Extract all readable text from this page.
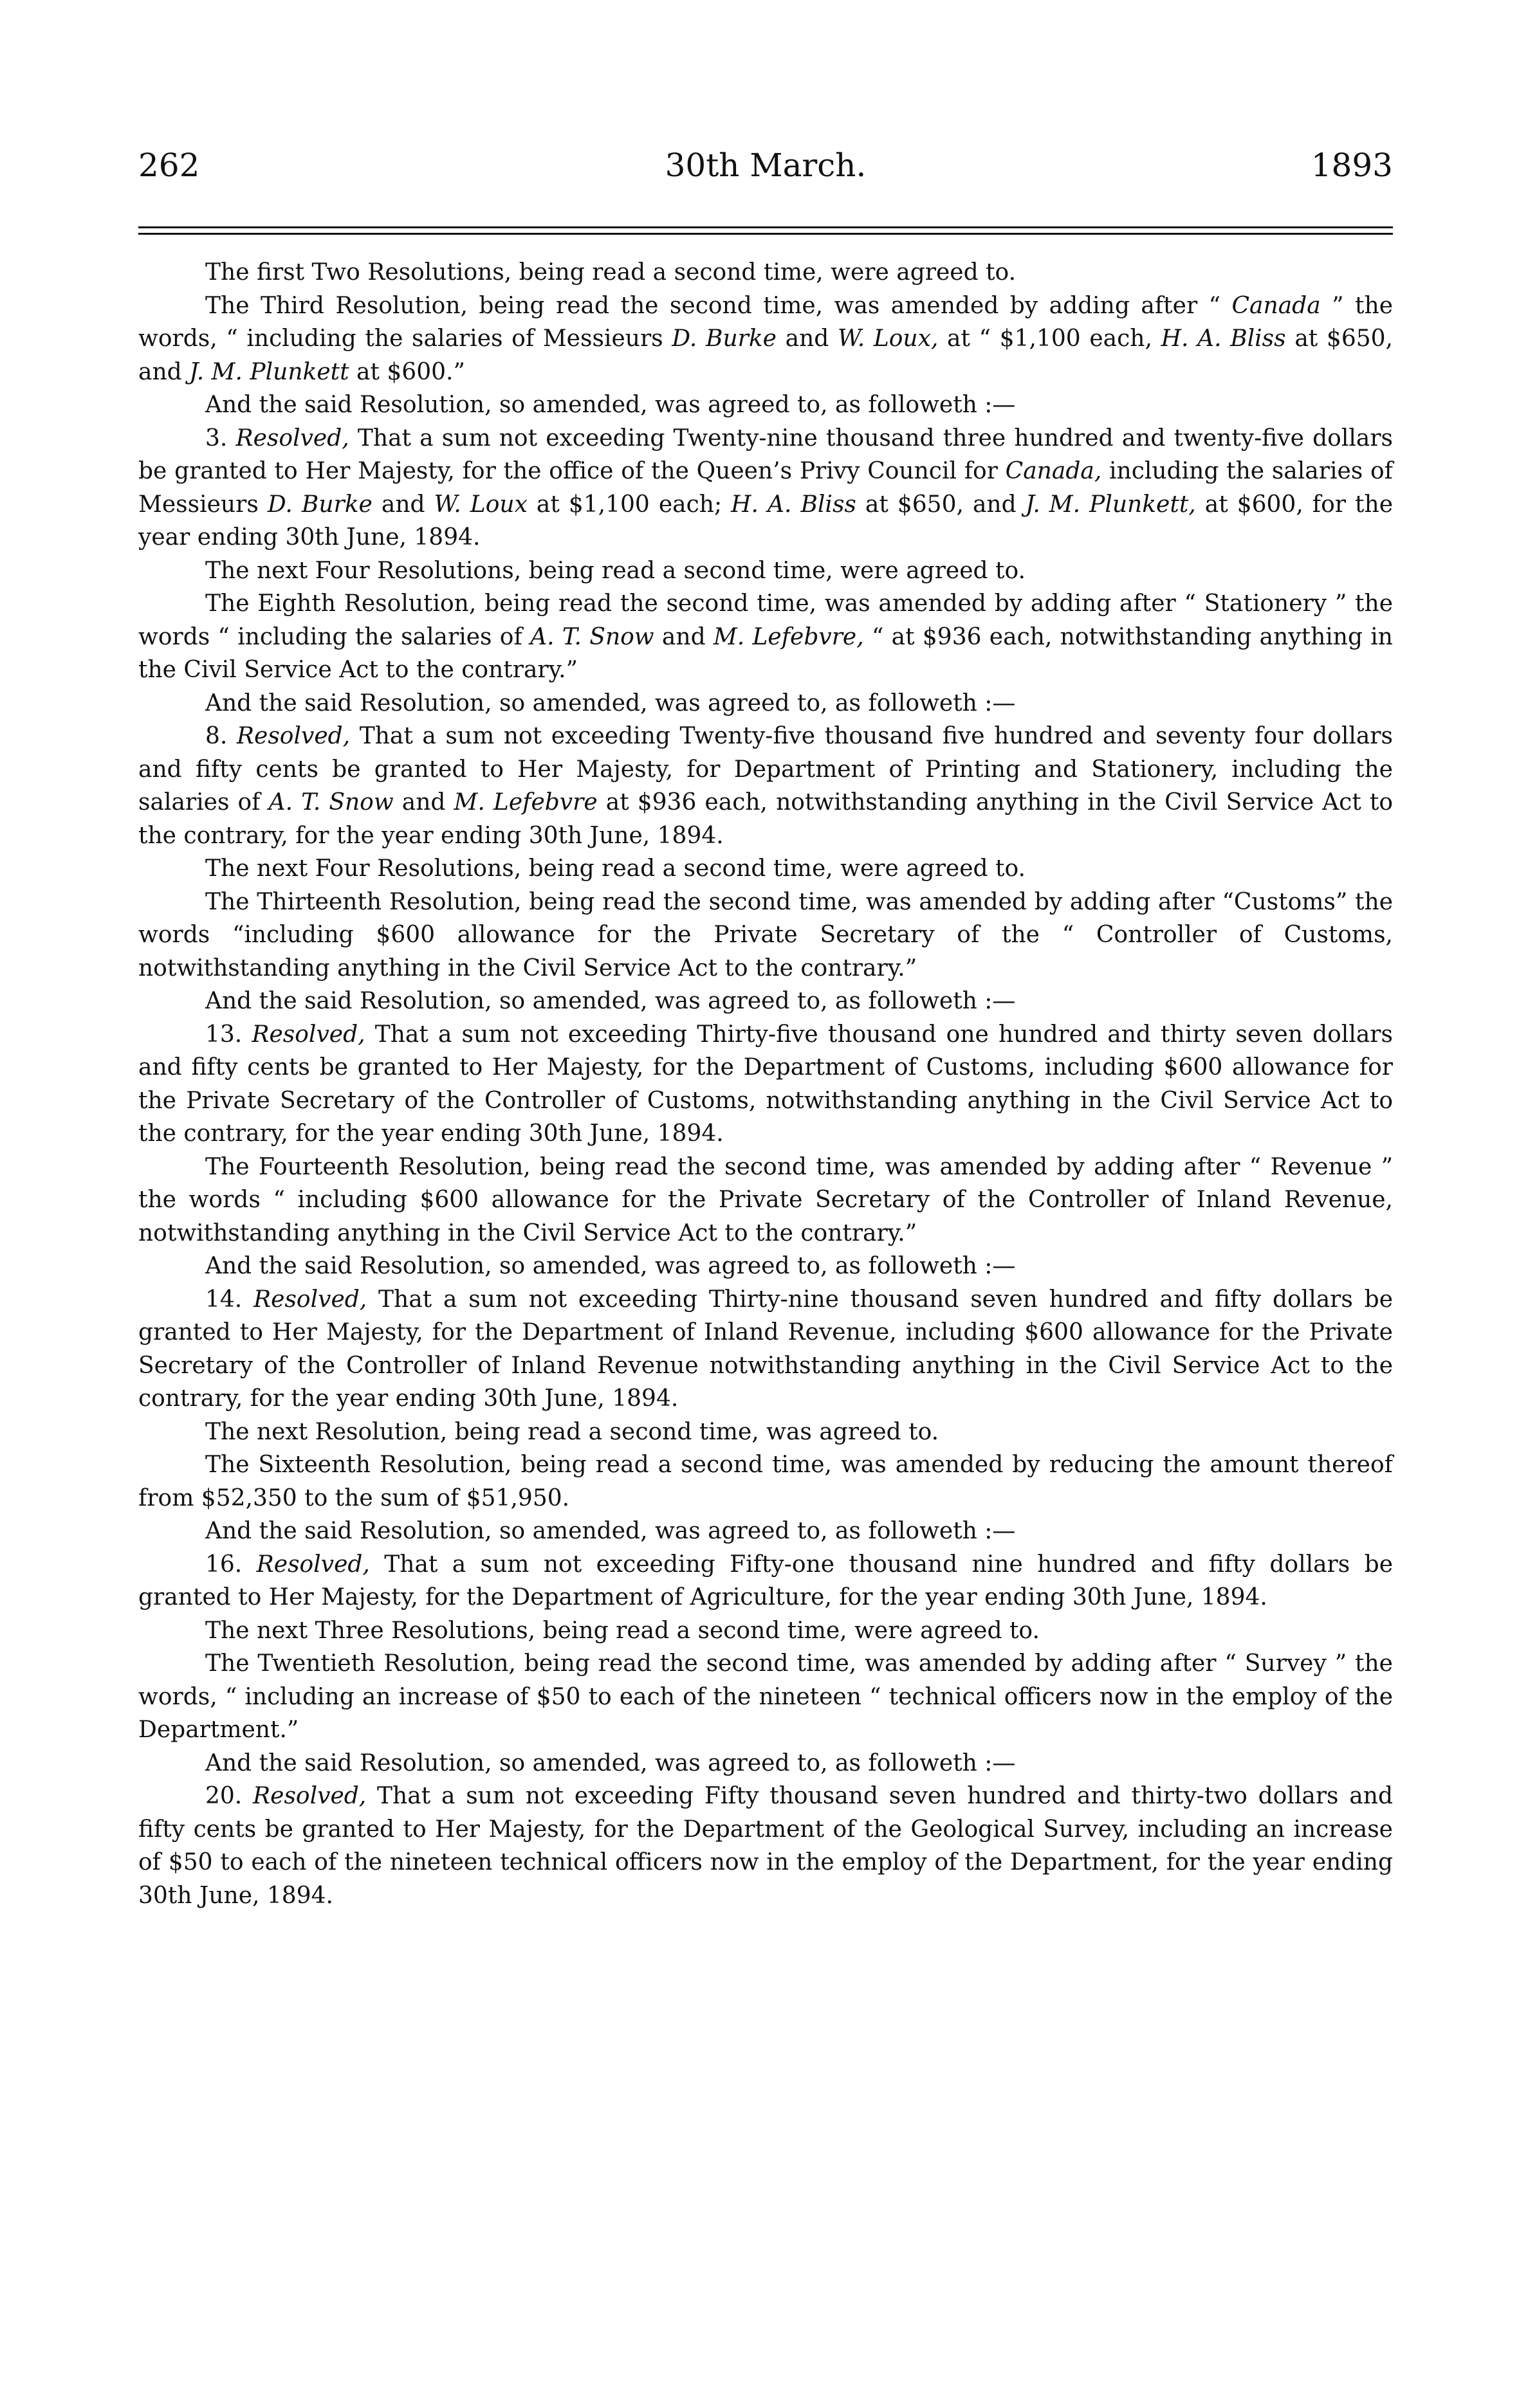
30th March.
262	1893

The first Two Resolutions, being read a second time, were agreed to.

The Third Resolution, being read the second time, was amended by adding after “ Canada ” the words, “ including the salaries of Messieurs D. Burke and W. Loux, at “ $1,100 each, H. A. Bliss at $650, and J. M. Plunkett at $600.”

And the said Resolution, so amended, was agreed to, as followeth :—

3. Resolved, That a sum not exceeding Twenty-nine thousand three hundred and twenty-five dollars be granted to Her Majesty, for the office of the Queen’s Privy Council for Canada, including the salaries of Messieurs D. Burke and W. Loux at $1,100 each; H. A. Bliss at $650, and J. M. Plunkett, at $600, for the year ending 30th June, 1894.

The next Four Resolutions, being read a second time, were agreed to.

The Eighth Resolution, being read the second time, was amended by adding after “ Stationery ” the words “ including the salaries of A. T. Snow and M. Lefebvre, “ at $936 each, notwithstanding anything in the Civil Service Act to the contrary.”

And the said Resolution, so amended, was agreed to, as followeth :—

8. Resolved, That a sum not exceeding Twenty-five thousand five hundred and seventy four dollars and fifty cents be granted to Her Majesty, for Department of Printing and Stationery, including the salaries of A. T. Snow and M. Lefebvre at $936 each, notwithstanding anything in the Civil Service Act to the contrary, for the year ending 30th June, 1894.

The next Four Resolutions, being read a second time, were agreed to.

The Thirteenth Resolution, being read the second time, was amended by adding after “Customs” the words “including $600 allowance for the Private Secretary of the “ Controller of Customs, notwithstanding anything in the Civil Service Act to the contrary.”

And the said Resolution, so amended, was agreed to, as followeth :—

13. Resolved, That a sum not exceeding Thirty-five thousand one hundred and thirty seven dollars and fifty cents be granted to Her Majesty, for the Department of Customs, including $600 allowance for the Private Secretary of the Controller of Customs, notwithstanding anything in the Civil Service Act to the contrary, for the year ending 30th June, 1894.

The Fourteenth Resolution, being read the second time, was amended by adding after “ Revenue ” the words “ including $600 allowance for the Private Secretary of the Controller of Inland Revenue, notwithstanding anything in the Civil Service Act to the contrary.”

And the said Resolution, so amended, was agreed to, as followeth :—

14. Resolved, That a sum not exceeding Thirty-nine thousand seven hundred and fifty dollars be granted to Her Majesty, for the Department of Inland Revenue, including $600 allowance for the Private Secretary of the Controller of Inland Revenue notwithstanding anything in the Civil Service Act to the contrary, for the year ending 30th June, 1894.

The next Resolution, being read a second time, was agreed to.

The Sixteenth Resolution, being read a second time, was amended by reducing the amount thereof from $52,350 to the sum of $51,950.

And the said Resolution, so amended, was agreed to, as followeth :—

16. Resolved, That a sum not exceeding Fifty-one thousand nine hundred and fifty dollars be granted to Her Majesty, for the Department of Agriculture, for the year ending 30th June, 1894.

The next Three Resolutions, being read a second time, were agreed to.

The Twentieth Resolution, being read the second time, was amended by adding after “ Survey ” the words, “ including an increase of $50 to each of the nineteen “ technical officers now in the employ of the Department.”

And the said Resolution, so amended, was agreed to, as followeth :—

20. Resolved, That a sum not exceeding Fifty thousand seven hundred and thirty-two dollars and fifty cents be granted to Her Majesty, for the Department of the Geological Survey, including an increase of $50 to each of the nineteen technical officers now in the employ of the Department, for the year ending 30th June, 1894.
